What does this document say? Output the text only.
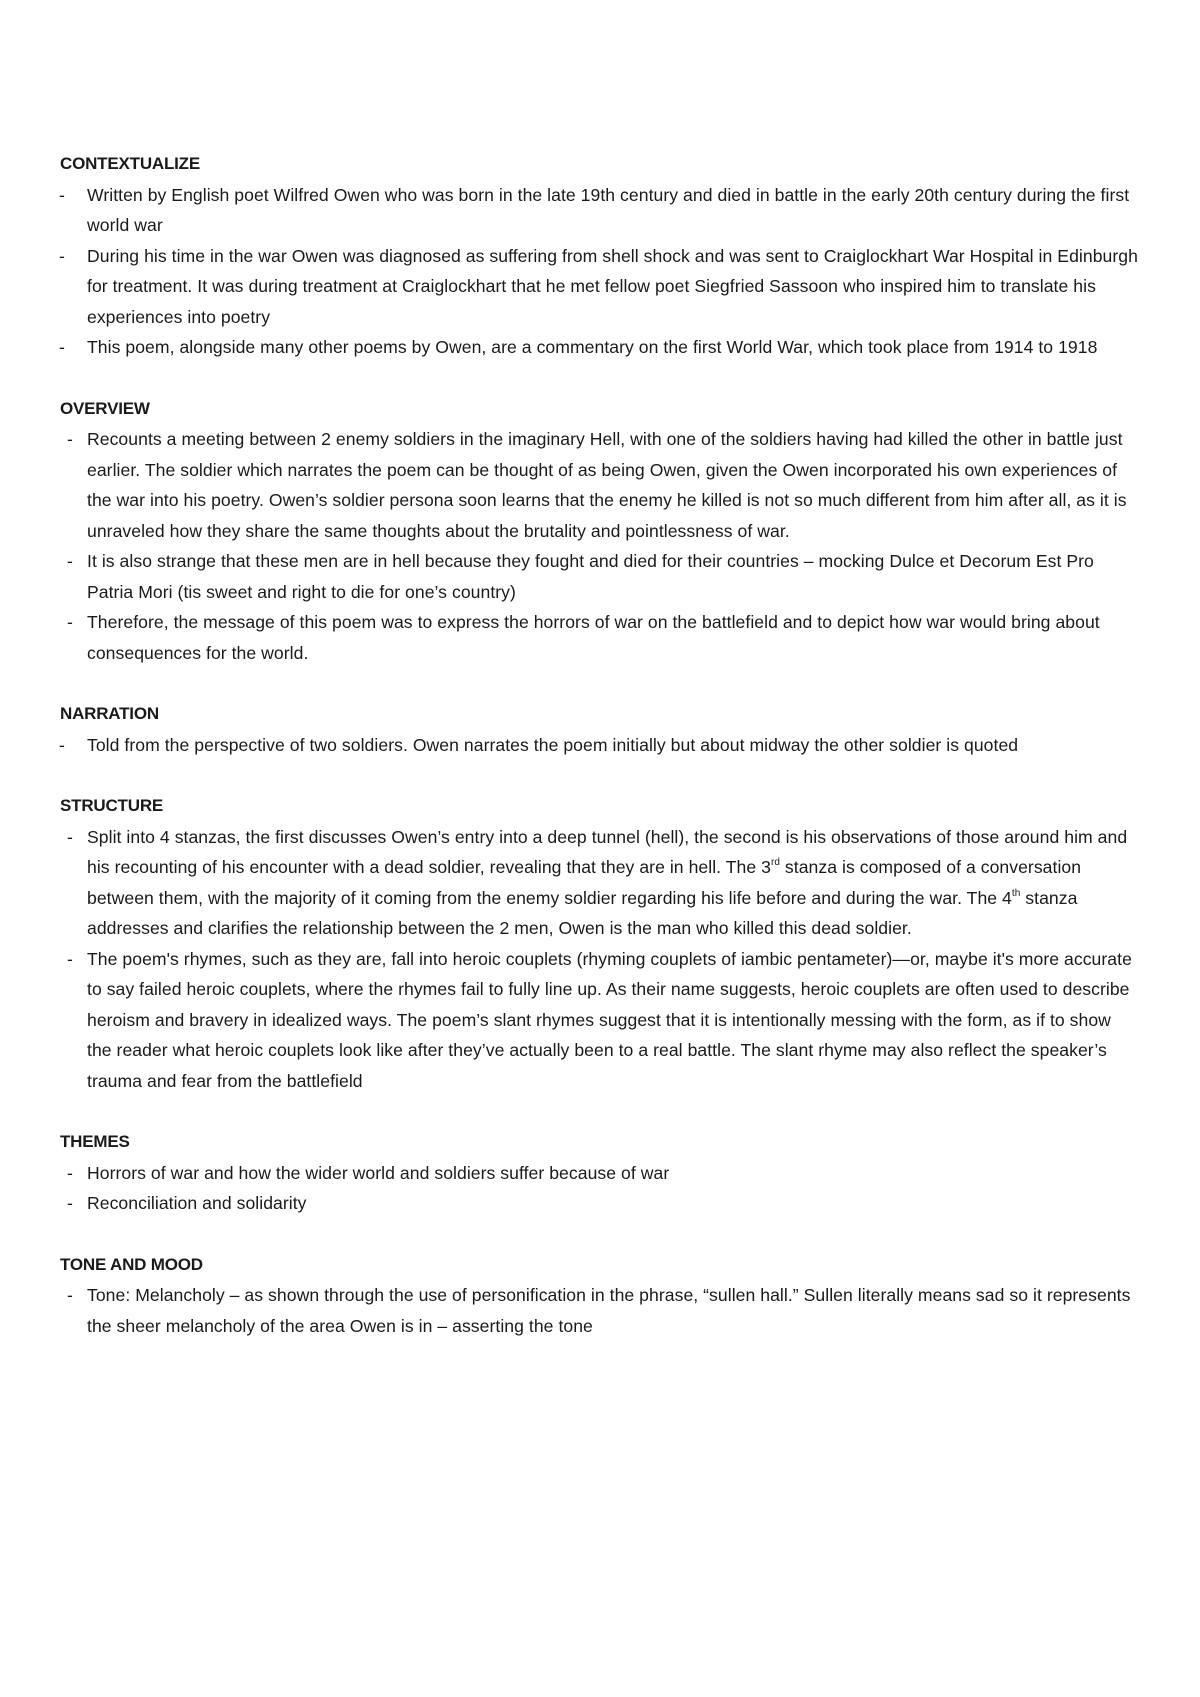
CONTEXTUALIZE

-	Written by English poet Wilfred Owen who was born in the late 19th century and died in battle in the early 20th century during the first world war
-	During his time in the war Owen was diagnosed as suffering from shell shock and was sent to Craiglockhart War Hospital in Edinburgh for treatment. It was during treatment at Craiglockhart that he met fellow poet Siegfried Sassoon who inspired him to translate his experiences into poetry
-	This poem, alongside many other poems by Owen, are a commentary on the first World War, which took place from 1914 to 1918

OVERVIEW

- Recounts a meeting between 2 enemy soldiers in the imaginary Hell, with one of the soldiers having had killed the other in battle just earlier. The soldier which narrates the poem can be thought of as being Owen, given the Owen incorporated his own experiences of the war into his poetry. Owen’s soldier persona soon learns that the enemy he killed is not so much different from him after all, as it is unraveled how they share the same thoughts about the brutality and pointlessness of war.
- It is also strange that these men are in hell because they fought and died for their countries – mocking Dulce et Decorum Est Pro Patria Mori (tis sweet and right to die for one’s country)
- Therefore, the message of this poem was to express the horrors of war on the battlefield and to depict how war would bring about consequences for the world.

NARRATION

-	Told from the perspective of two soldiers. Owen narrates the poem initially but about midway the other soldier is quoted

STRUCTURE

- Split into 4 stanzas, the first discusses Owen’s entry into a deep tunnel (hell), the second is his observations of those around him and his recounting of his encounter with a dead soldier, revealing that they are in hell. The 3rd stanza is composed of a conversation between them, with the majority of it coming from the enemy soldier regarding his life before and during the war. The 4th stanza addresses and clarifies the relationship between the 2 men, Owen is the man who killed this dead soldier.
- The poem's rhymes, such as they are, fall into heroic couplets (rhyming couplets of iambic pentameter)—or, maybe it's more accurate to say failed heroic couplets, where the rhymes fail to fully line up. As their name suggests, heroic couplets are often used to describe heroism and bravery in idealized ways. The poem’s slant rhymes suggest that it is intentionally messing with the form, as if to show the reader what heroic couplets look like after they’ve actually been to a real battle. The slant rhyme may also reflect the speaker’s trauma and fear from the battlefield

THEMES

- Horrors of war and how the wider world and soldiers suffer because of war
- Reconciliation and solidarity

TONE AND MOOD

- Tone: Melancholy – as shown through the use of personification in the phrase, “sullen hall.” Sullen literally means sad so it represents the sheer melancholy of the area Owen is in – asserting the tone
